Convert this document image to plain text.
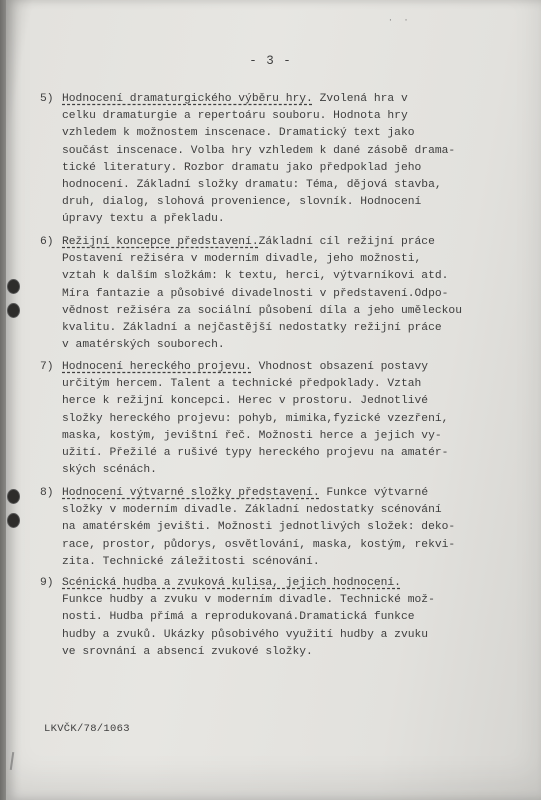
· ·
- 3 -
5) Hodnocení dramaturgického výběru hry. Zvolená hra v
celku dramaturgie a repertoáru souboru. Hodnota hry
vzhledem k možnostem inscenace. Dramatický text jako
součást inscenace. Volba hry vzhledem k dané zásobě drama-
tické literatury. Rozbor dramatu jako předpoklad jeho
hodnocení. Základní složky dramatu: Téma, dějová stavba,
druh, dialog, slohová provenience, slovník. Hodnocení
úpravy textu a překladu.
6) Režijní koncepce představení.Základní cíl režijní práce
Postavení režiséra v moderním divadle, jeho možnosti,
vztah k dalším složkám: k textu, herci, výtvarníkovi atd.
Míra fantazie a působivé divadelnosti v představení.Odpo-
vědnost režiséra za sociální působení díla a jeho uměleckou
kvalitu. Základní a nejčastější nedostatky režijní práce
v amatérských souborech.
7) Hodnocení hereckého projevu. Vhodnost obsazení postavy
určitým hercem. Talent a technické předpoklady. Vztah
herce k režijní koncepci. Herec v prostoru. Jednotlivé
složky hereckého projevu: pohyb, mimika,fyzické vzezření,
maska, kostým, jevištní řeč. Možnosti herce a jejich vy-
užití. Přežilé a rušivé typy hereckého projevu na amatér-
ských scénách.
8) Hodnocení výtvarné složky představení. Funkce výtvarné
složky v moderním divadle. Základní nedostatky scénování
na amatérském jevišti. Možnosti jednotlivých složek: deko-
race, prostor, půdorys, osvětlování, maska, kostým, rekvi-
zita. Technické záležitosti scénování.
9) Scénická hudba a zvuková kulisa, jejich hodnocení.
Funkce hudby a zvuku v moderním divadle. Technické mož-
nosti. Hudba přímá a reprodukovaná.Dramatická funkce
hudby a zvuků. Ukázky působivého využití hudby a zvuku
ve srovnání a absencí zvukové složky.
LKVČK/78/1063
